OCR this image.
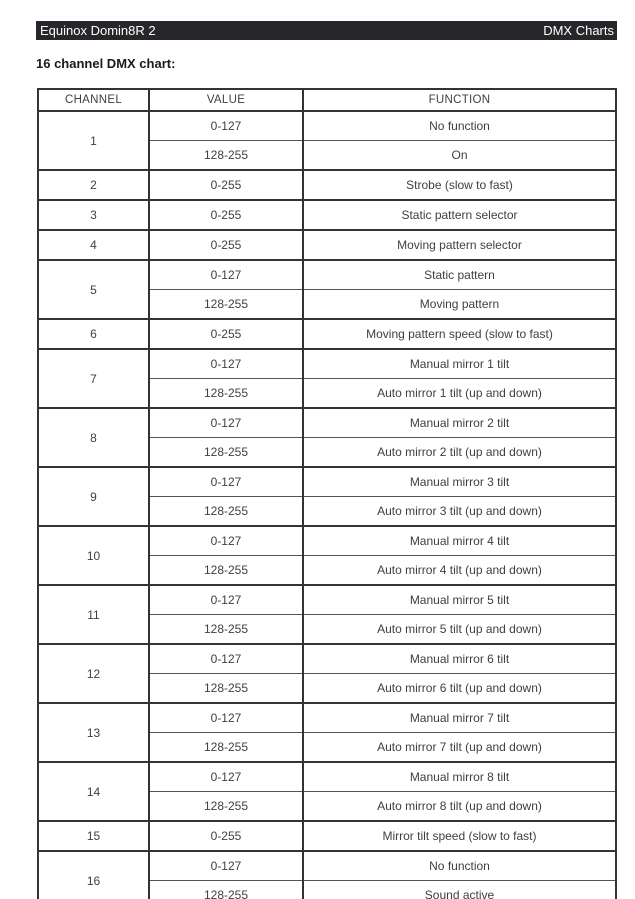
Equinox Domin8R 2	DMX Charts
16 channel DMX chart:
CHANNEL	VALUE	FUNCTION
1	0-127	No function
	128-255	On
2	0-255	Strobe (slow to fast)
3	0-255	Static pattern selector
4	0-255	Moving pattern selector
5	0-127	Static pattern
	128-255	Moving pattern
6	0-255	Moving pattern speed (slow to fast)
7	0-127	Manual mirror 1 tilt
	128-255	Auto mirror 1 tilt (up and down)
8	0-127	Manual mirror 2 tilt
	128-255	Auto mirror 2 tilt (up and down)
9	0-127	Manual mirror 3 tilt
	128-255	Auto mirror 3 tilt (up and down)
10	0-127	Manual mirror 4 tilt
	128-255	Auto mirror 4 tilt (up and down)
11	0-127	Manual mirror 5 tilt
	128-255	Auto mirror 5 tilt (up and down)
12	0-127	Manual mirror 6 tilt
	128-255	Auto mirror 6 tilt (up and down)
13	0-127	Manual mirror 7 tilt
	128-255	Auto mirror 7 tilt (up and down)
14	0-127	Manual mirror 8 tilt
	128-255	Auto mirror 8 tilt (up and down)
15	0-255	Mirror tilt speed (slow to fast)
16	0-127	No function
	128-255	Sound active
